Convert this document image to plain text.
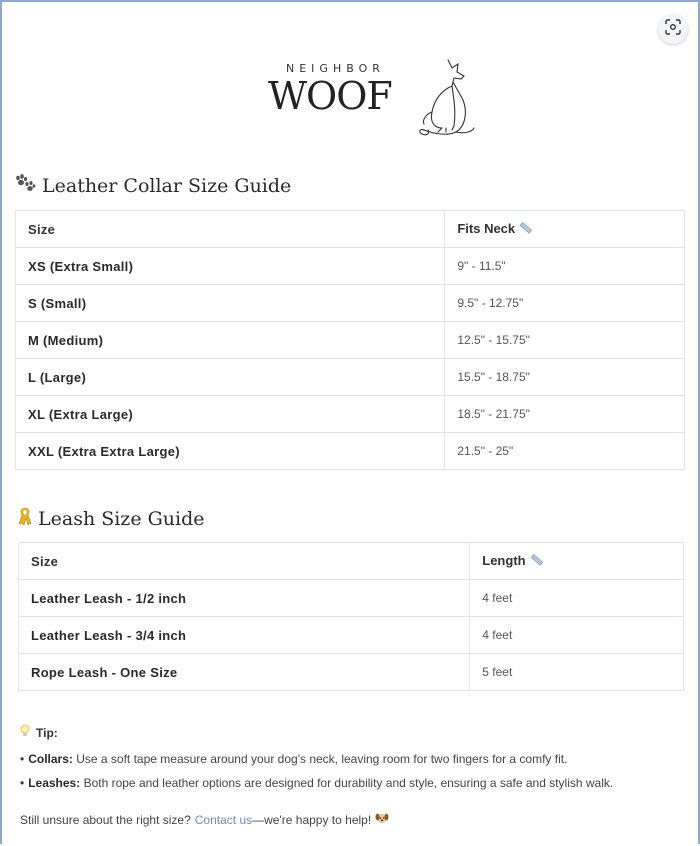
NEIGHBOR
WOOF
Leather Collar Size Guide
Size	Fits Neck
XS (Extra Small)	9" - 11.5"
S (Small)	9.5" - 12.75"
M (Medium)	12.5" - 15.75"
L (Large)	15.5" - 18.75"
XL (Extra Large)	18.5" - 21.75"
XXL (Extra Extra Large)	21.5" - 25"
Leash Size Guide
Size	Length
Leather Leash - 1/2 inch	4 feet
Leather Leash - 3/4 inch	4 feet
Rope Leash - One Size	5 feet
Tip:
• Collars: Use a soft tape measure around your dog's neck, leaving room for two fingers for a comfy fit.
• Leashes: Both rope and leather options are designed for durability and style, ensuring a safe and stylish walk.
Still unsure about the right size? Contact us —we're happy to help!
